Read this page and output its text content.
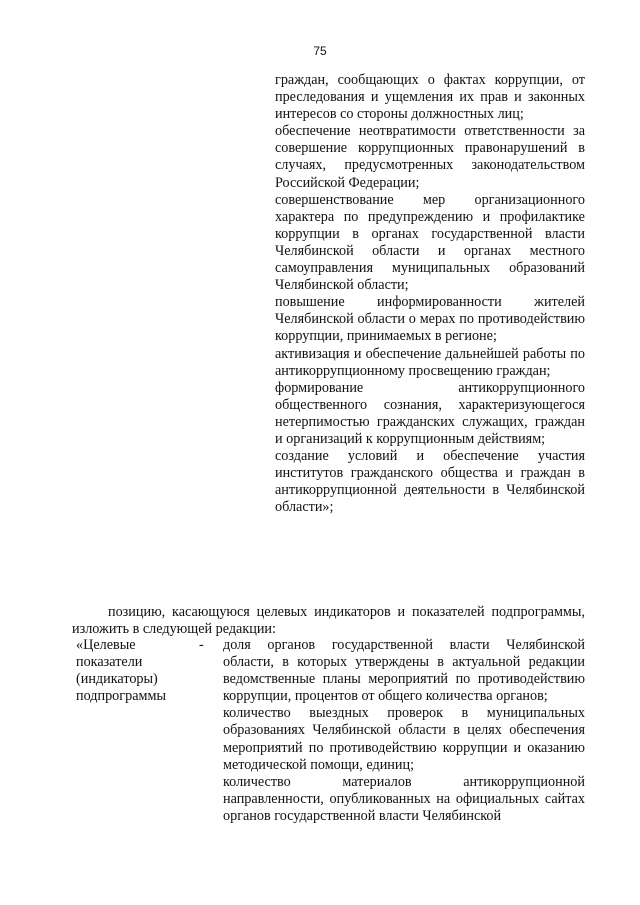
75

граждан, сообщающих о фактах коррупции, от преследования и ущемления их прав и законных интересов со стороны должностных лиц;

обеспечение неотвратимости ответственности за совершение коррупционных правонарушений в случаях, предусмотренных законодательством Российской Федерации;

совершенствование мер организационного характера по предупреждению и профилактике коррупции в органах государственной власти Челябинской области и органах местного самоуправления муниципальных образований Челябинской области;

повышение информированности жителей Челябинской области о мерах по противодействию коррупции, принимаемых в регионе;

активизация и обеспечение дальнейшей работы по антикоррупционному просвещению граждан;

формирование антикоррупционного общественного сознания, характеризующегося нетерпимостью гражданских служащих, граждан и организаций к коррупционным действиям;

создание условий и обеспечение участия институтов гражданского общества и граждан в антикоррупционной деятельности в Челябинской области»;

позицию, касающуюся целевых индикаторов и показателей подпрограммы, изложить в следующей редакции:

«Целевые показатели (индикаторы) подпрограммы
-	доля органов государственной власти Челябинской области, в которых утверждены в актуальной редакции ведомственные планы мероприятий по противодействию коррупции, процентов от общего количества органов;

количество выездных проверок в муниципальных образованиях Челябинской области в целях обеспечения мероприятий по противодействию коррупции и оказанию методической помощи, единиц;

количество материалов антикоррупционной направленности, опубликованных на официальных сайтах органов государственной власти Челябинской
